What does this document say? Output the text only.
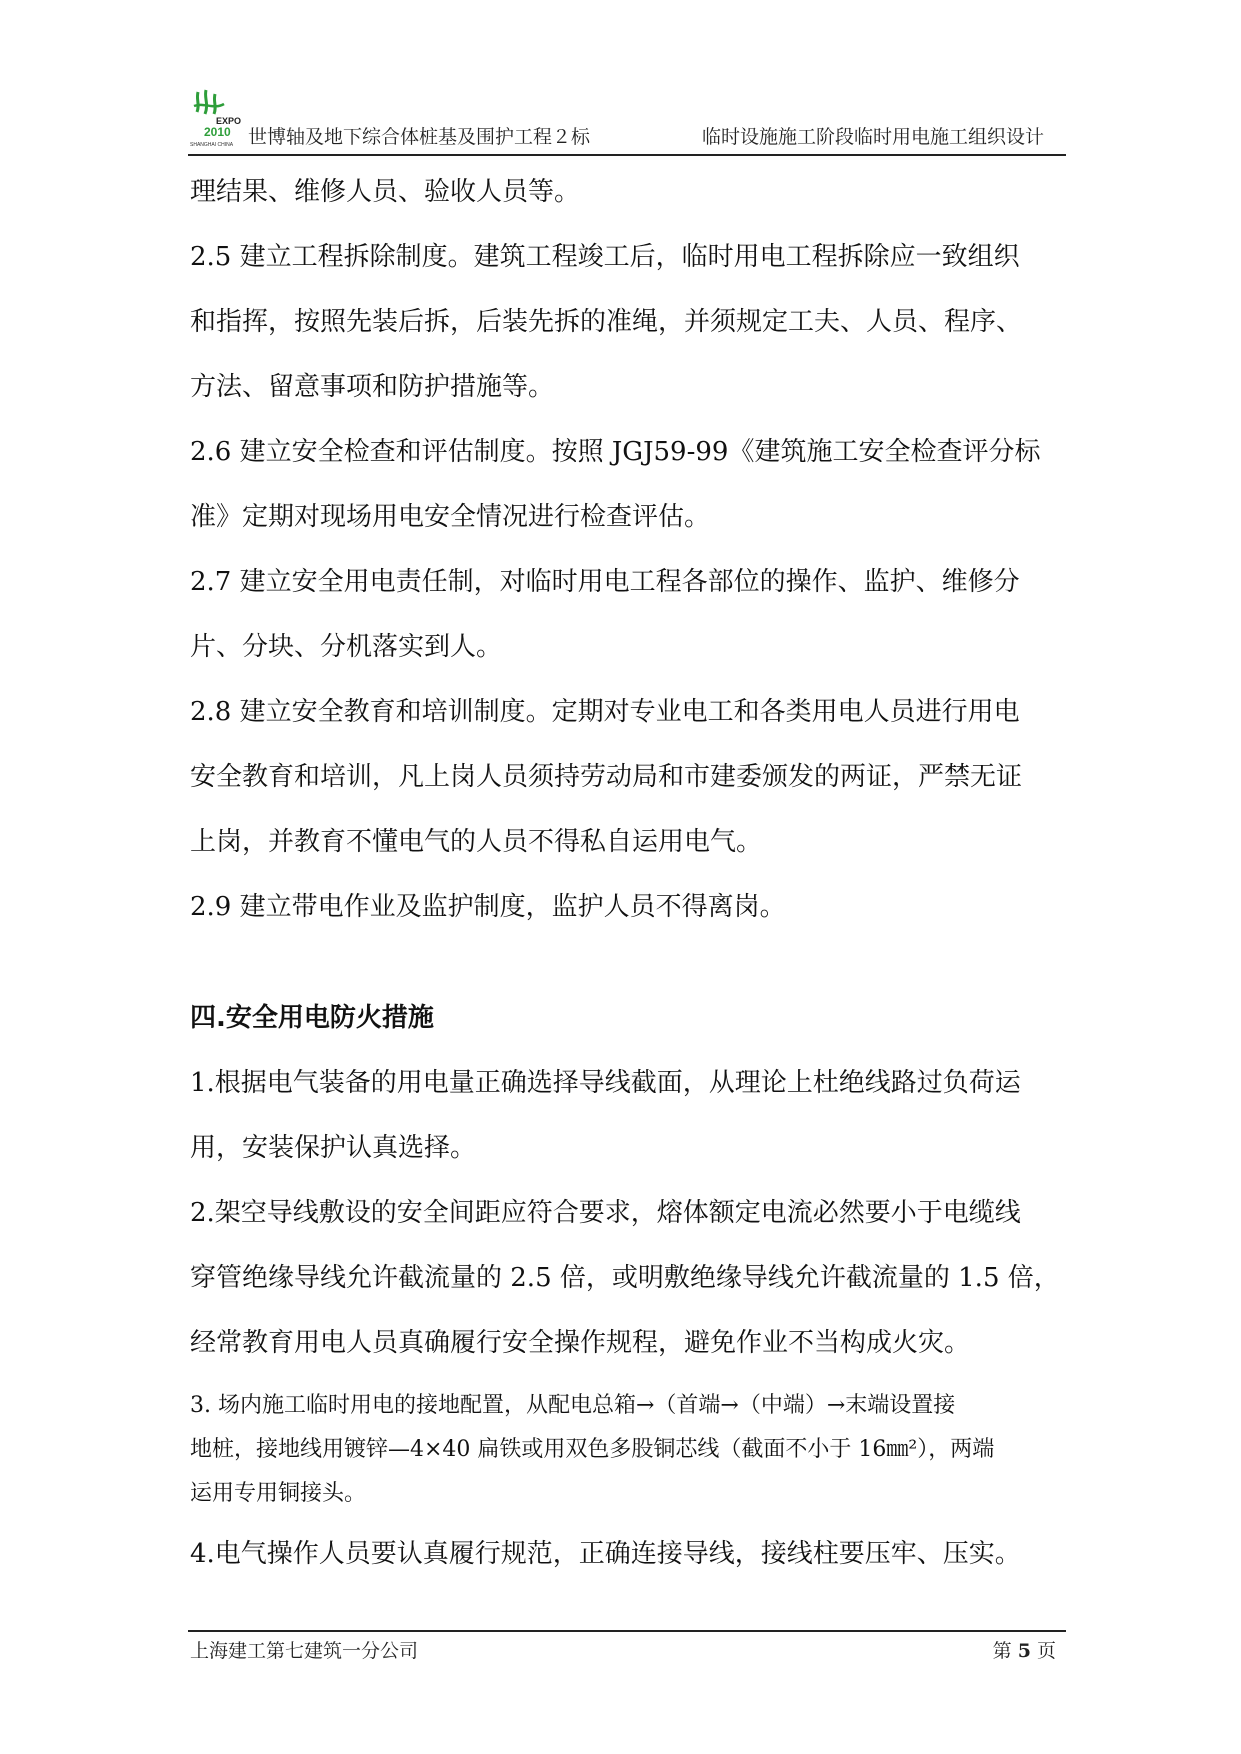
EXPO
2010
SHANGHAI CHINA 世博轴及地下综合体桩基及围护工程２标	临时设施施工阶段临时用电施工组织设计

理结果、维修人员、验收人员等。

2.5 建立工程拆除制度。建筑工程竣工后，临时用电工程拆除应一致组织

和指挥，按照先装后拆，后装先拆的准绳，并须规定工夫、人员、程序、

方法、留意事项和防护措施等。

2.6 建立安全检查和评估制度。按照 JGJ59-99《建筑施工安全检查评分标

准》定期对现场用电安全情况进行检查评估。

2.7 建立安全用电责任制，对临时用电工程各部位的操作、监护、维修分

片、分块、分机落实到人。

2.8 建立安全教育和培训制度。定期对专业电工和各类用电人员进行用电

安全教育和培训，凡上岗人员须持劳动局和市建委颁发的两证，严禁无证

上岗，并教育不懂电气的人员不得私自运用电气。

2.9 建立带电作业及监护制度，监护人员不得离岗。

四.安全用电防火措施

1.根据电气装备的用电量正确选择导线截面，从理论上杜绝线路过负荷运

用，安装保护认真选择。

2.架空导线敷设的安全间距应符合要求，熔体额定电流必然要小于电缆线

穿管绝缘导线允许截流量的 2.5 倍，或明敷绝缘导线允许截流量的 1.5 倍，

经常教育用电人员真确履行安全操作规程，避免作业不当构成火灾。

3. 场内施工临时用电的接地配置，从配电总箱→（首端→（中端）→末端设置接

地桩，接地线用镀锌—4×40 扁铁或用双色多股铜芯线（截面不小于 16㎜²），两端

运用专用铜接头。

4.电气操作人员要认真履行规范，正确连接导线，接线柱要压牢、压实。

上海建工第七建筑一分公司	第 5 页
